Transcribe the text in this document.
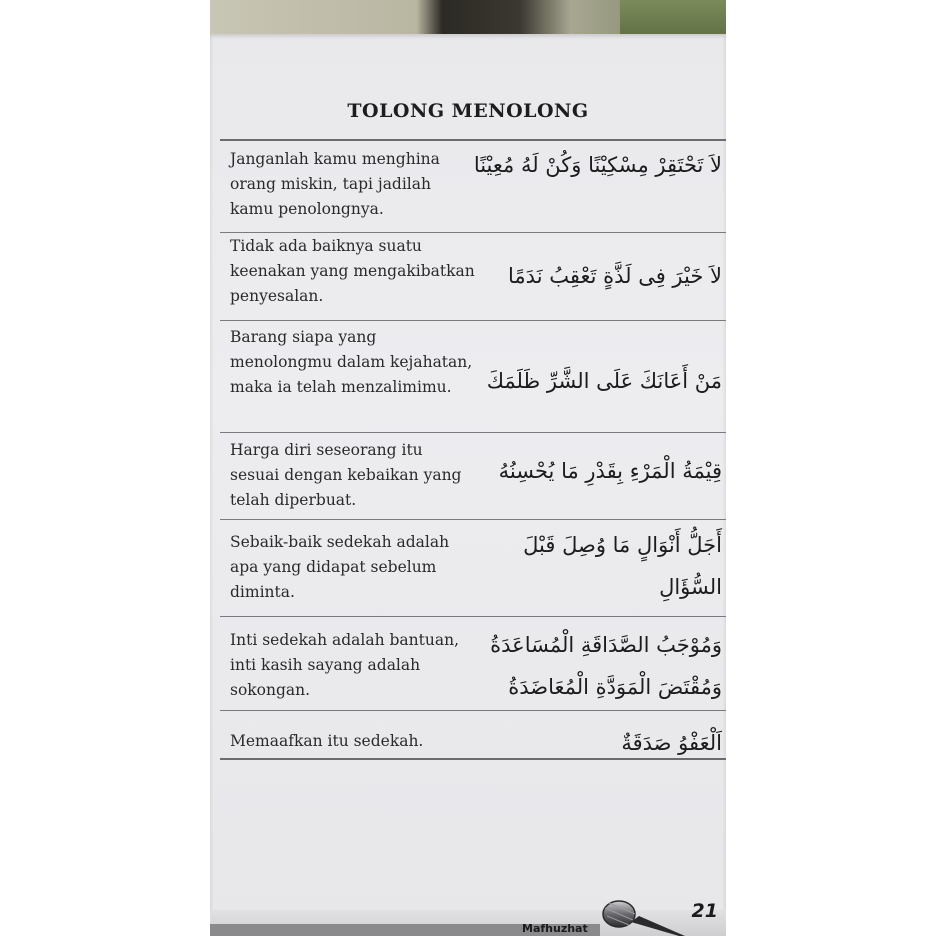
TOLONG MENOLONG
Janganlah kamu menghina orang miskin, tapi jadilah kamu penolongnya.
لاَ تَحْتَقِرْ مِسْكِيْنًا وَكُنْ لَهُ مُعِيْنًا
Tidak ada baiknya suatu keenakan yang mengakibatkan penyesalan.
لاَ خَيْرَ فِى لَذَّةٍ تَعْقِبُ نَدَمًا
Barang siapa yang menolongmu dalam kejahatan, maka ia telah menzalimimu.	مَنْ أَعَانَكَ عَلَى الشَّرِّ ظَلَمَكَ
Harga diri seseorang itu sesuai dengan kebaikan yang telah diperbuat.
قِيْمَةُ الْمَرْءِ بِقَدْرِ مَا يُحْسِنُهُ
Sebaik-baik sedekah adalah apa yang didapat sebelum diminta.
أَجَلُّ أَنْوَالٍ مَا وُصِلَ قَبْلَ السُّؤَالِ
Inti sedekah adalah bantuan, inti kasih sayang adalah sokongan.
وَمُوْجَبُ الصَّدَاقَةِ الْمُسَاعَدَةُ وَمُقْتَضَ الْمَوَدَّةِ الْمُعَاضَدَةُ
Memaafkan itu sedekah.	اَلْعَفْوُ صَدَقَةٌ
Mafhuzhat
21
